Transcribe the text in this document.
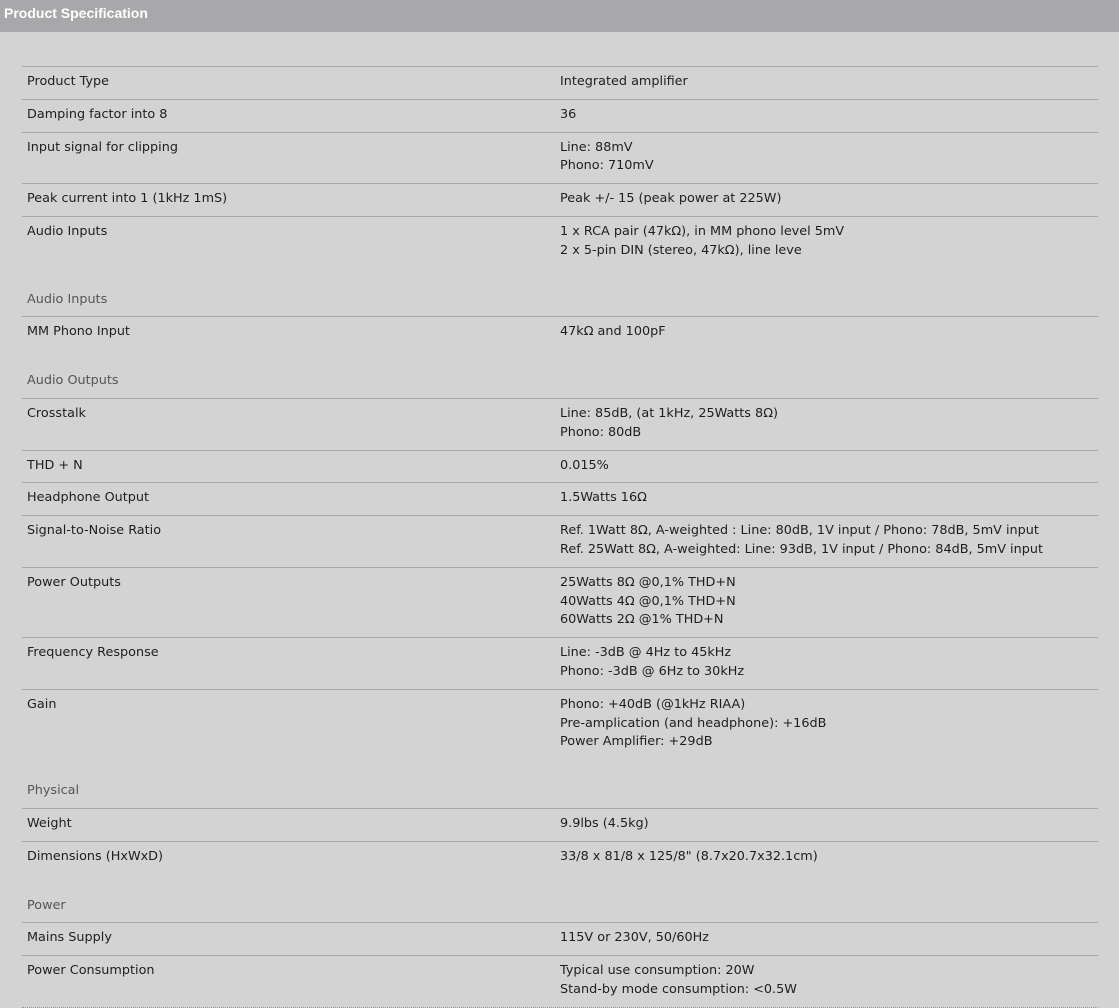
Product Specification
Product Type	Integrated amplifier
Damping factor into 8	36
Input signal for clipping	Line: 88mV
Phono: 710mV
Peak current into 1 (1kHz 1mS)	Peak +/- 15 (peak power at 225W)
Audio Inputs	1 x RCA pair (47kΩ), in MM phono level 5mV
2 x 5-pin DIN (stereo, 47kΩ), line leve
Audio Inputs
MM Phono Input	47kΩ and 100pF
Audio Outputs
Crosstalk	Line: 85dB, (at 1kHz, 25Watts 8Ω)
Phono: 80dB
THD + N	0.015%
Headphone Output	1.5Watts 16Ω
Signal-to-Noise Ratio	Ref. 1Watt 8Ω, A-weighted : Line: 80dB, 1V input / Phono: 78dB, 5mV input
Ref. 25Watt 8Ω, A-weighted: Line: 93dB, 1V input / Phono: 84dB, 5mV input
Power Outputs	25Watts 8Ω @0,1% THD+N
40Watts 4Ω @0,1% THD+N
60Watts 2Ω @1% THD+N
Frequency Response	Line: -3dB @ 4Hz to 45kHz
Phono: -3dB @ 6Hz to 30kHz
Gain	Phono: +40dB (@1kHz RIAA)
Pre-amplication (and headphone): +16dB
Power Amplifier: +29dB
Physical
Weight	9.9lbs (4.5kg)
Dimensions (HxWxD)	33/8 x 81/8 x 125/8" (8.7x20.7x32.1cm)
Power
Mains Supply	115V or 230V, 50/60Hz
Power Consumption	Typical use consumption: 20W
Stand-by mode consumption: <0.5W
